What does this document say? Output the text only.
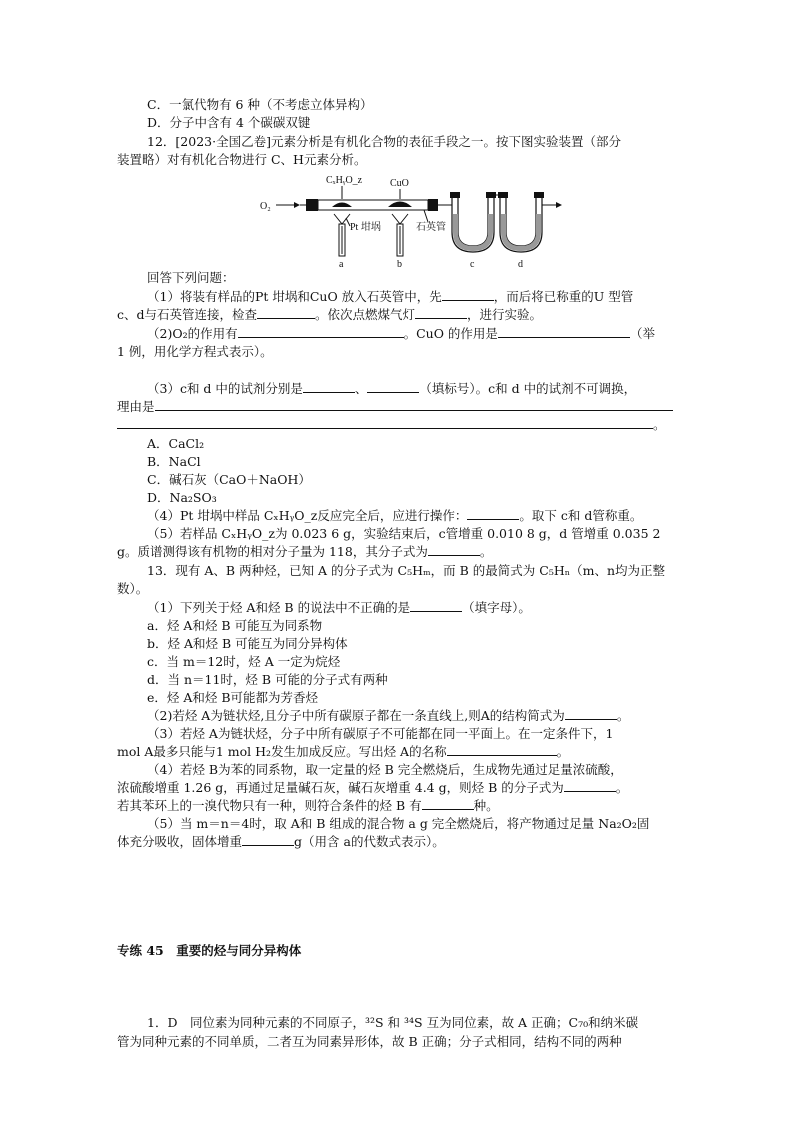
C．一氯代物有 6 种（不考虑立体异构）
D．分子中含有 4 个碳碳双键
12．[2023·全国乙卷]元素分析是有机化合物的表征手段之一。按下图实验装置（部分
装置略）对有机化合物进行 C、H元素分析。
O₂
CₓHᵧO_z	CuO
a	b
Pt 坩埚	石英管
c	d
回答下列问题：
（1）将装有样品的Pt 坩埚和CuO 放入石英管中，先	，而后将已称重的U 型管
c、d与石英管连接，检查	。依次点燃煤气灯	，进行实验。
（2)O₂的作用有	。CuO 的作用是	（举
1 例，用化学方程式表示）。
（3）c和 d 中的试剂分别是	、	（填标号）。c和 d 中的试剂不可调换，
理由是
。
A．CaCl₂
B．NaCl
C．碱石灰（CaO＋NaOH）
D．Na₂SO₃
（4）Pt 坩埚中样品 CₓHᵧO_z反应完全后，应进行操作：	。取下 c和 d管称重。
（5）若样品 CₓHᵧO_z为 0.023 6 g，实验结束后，c管增重 0.010 8 g，d 管增重 0.035 2
g。质谱测得该有机物的相对分子量为 118，其分子式为	。
13．现有 A、B 两种烃，已知 A 的分子式为 C₅Hₘ，而 B 的最简式为 C₅Hₙ（m、n均为正整
数）。
（1）下列关于烃 A和烃 B 的说法中不正确的是	（填字母）。
a．烃 A和烃 B 可能互为同系物
b．烃 A和烃 B 可能互为同分异构体
c．当 m＝12时，烃 A 一定为烷烃
d．当 n＝11时，烃 B 可能的分子式有两种
e．烃 A和烃 B可能都为芳香烃
（2)若烃 A为链状烃,且分子中所有碳原子都在一条直线上,则A的结构简式为	。
（3）若烃 A为链状烃，分子中所有碳原子不可能都在同一平面上。在一定条件下，1
mol A最多只能与1 mol H₂发生加成反应。写出烃 A的名称	。
（4）若烃 B为苯的同系物，取一定量的烃 B 完全燃烧后，生成物先通过足量浓硫酸，
浓硫酸增重 1.26 g，再通过足量碱石灰，碱石灰增重 4.4 g，则烃 B 的分子式为	。
若其苯环上的一溴代物只有一种，则符合条件的烃 B 有	种。
（5）当 m＝n＝4时，取 A和 B 组成的混合物 a g 完全燃烧后，将产物通过足量 Na₂O₂固
体充分吸收，固体增重	g（用含 a的代数式表示）。
专练 45　重要的烃与同分异构体
1．D　同位素为同种元素的不同原子，³²S 和 ³⁴S 互为同位素，故 A 正确；C₇₀和纳米碳
管为同种元素的不同单质，二者互为同素异形体，故 B 正确；分子式相同，结构不同的两种
